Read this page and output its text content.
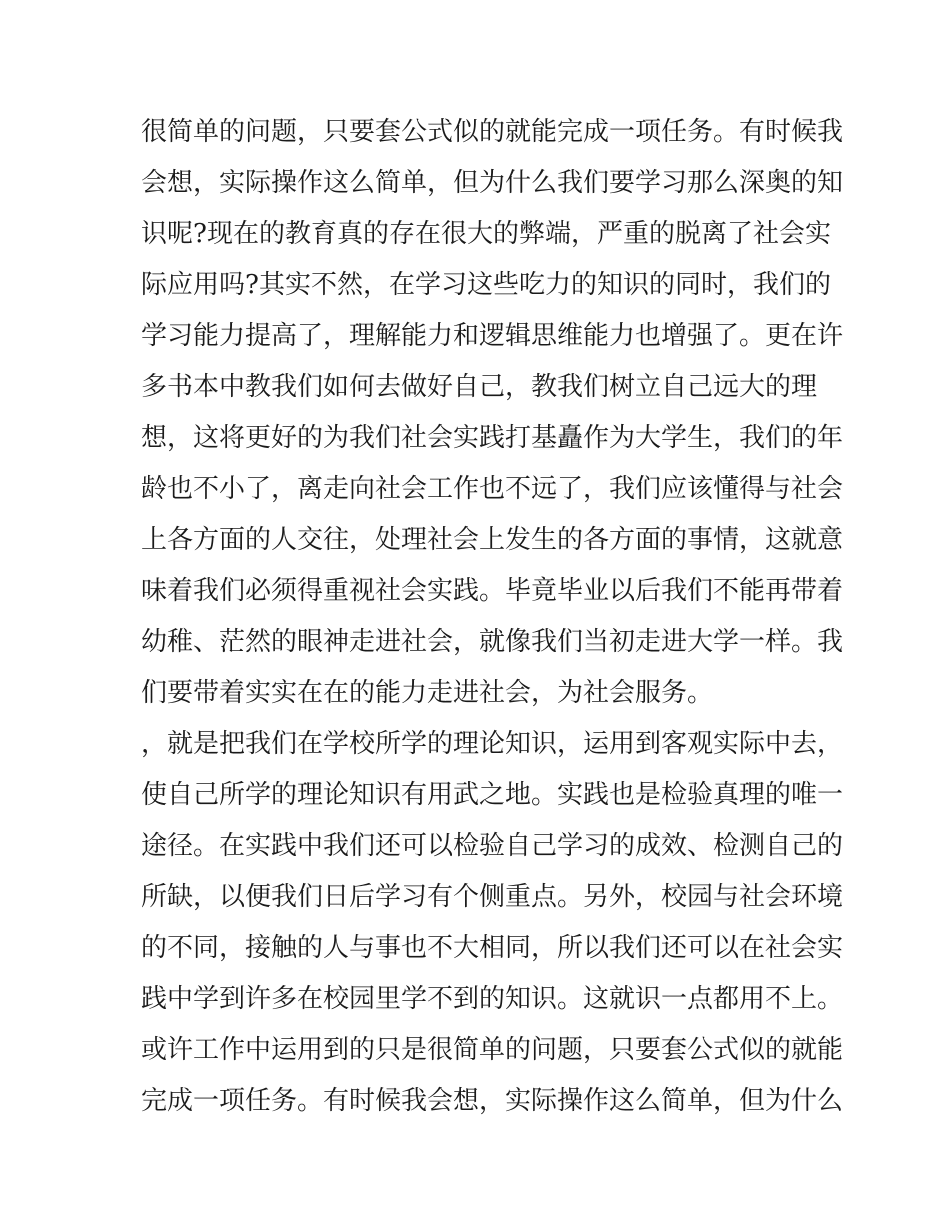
很简单的问题，只要套公式似的就能完成一项任务。有时候我
会想，实际操作这么简单，但为什么我们要学习那么深奥的知
识呢?现在的教育真的存在很大的弊端，严重的脱离了社会实
际应用吗?其实不然，在学习这些吃力的知识的同时，我们的
学习能力提高了，理解能力和逻辑思维能力也增强了。更在许
多书本中教我们如何去做好自己，教我们树立自己远大的理
想，这将更好的为我们社会实践打基矗作为大学生，我们的年
龄也不小了，离走向社会工作也不远了，我们应该懂得与社会
上各方面的人交往，处理社会上发生的各方面的事情，这就意
味着我们必须得重视社会实践。毕竟毕业以后我们不能再带着
幼稚、茫然的眼神走进社会，就像我们当初走进大学一样。我
们要带着实实在在的能力走进社会，为社会服务。
，就是把我们在学校所学的理论知识，运用到客观实际中去，
使自己所学的理论知识有用武之地。实践也是检验真理的唯一
途径。在实践中我们还可以检验自己学习的成效、检测自己的
所缺，以便我们日后学习有个侧重点。另外，校园与社会环境
的不同，接触的人与事也不大相同，所以我们还可以在社会实
践中学到许多在校园里学不到的知识。这就识一点都用不上。
或许工作中运用到的只是很简单的问题，只要套公式似的就能
完成一项任务。有时候我会想，实际操作这么简单，但为什么
